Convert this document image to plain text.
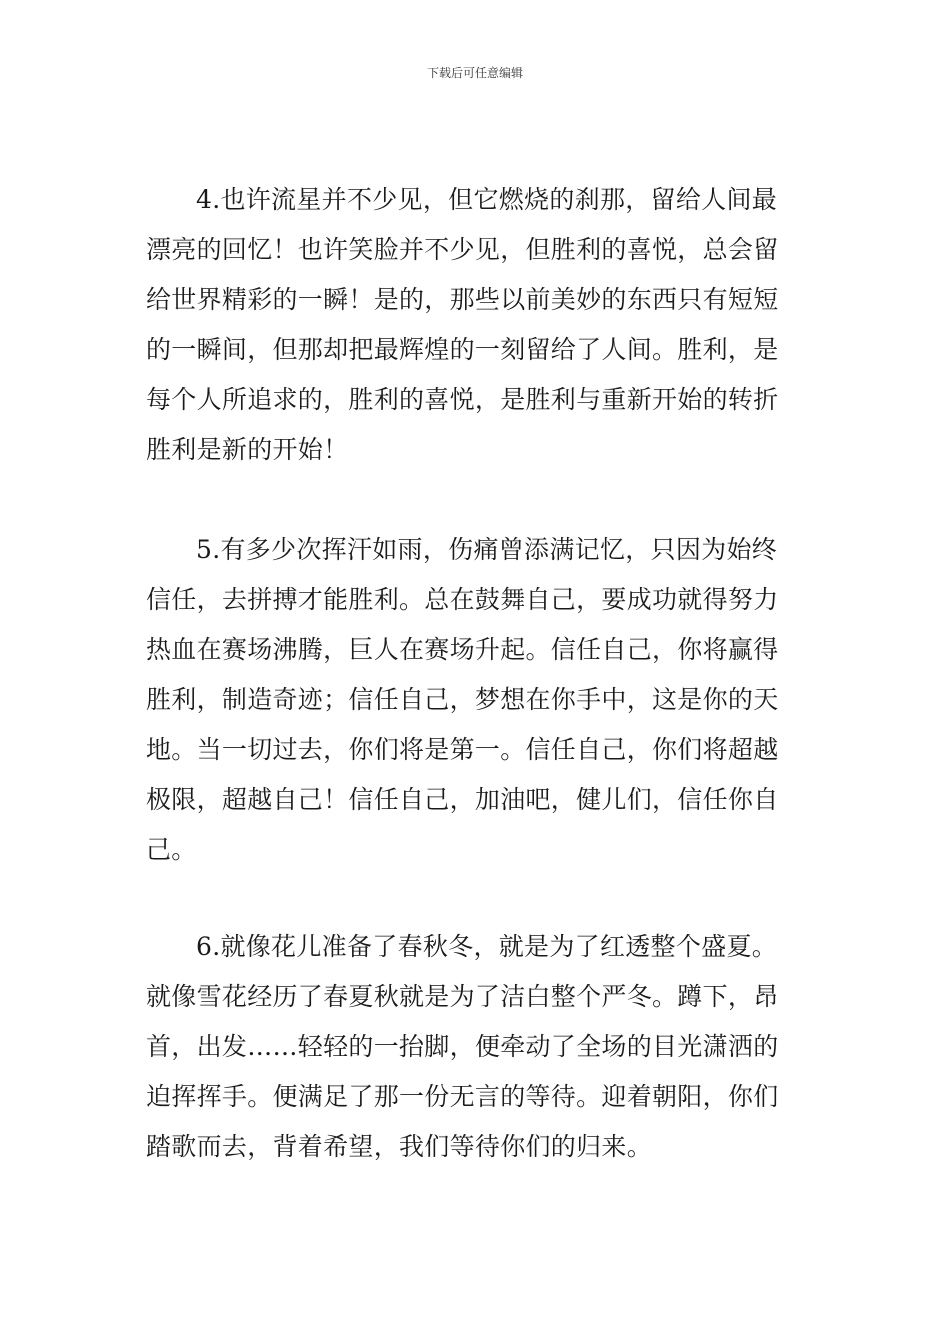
下载后可任意编辑
4.也许流星并不少见，但它燃烧的刹那，留给人间最
漂亮的回忆！也许笑脸并不少见，但胜利的喜悦，总会留
给世界精彩的一瞬！是的，那些以前美妙的东西只有短短
的一瞬间，但那却把最辉煌的一刻留给了人间。胜利，是
每个人所追求的，胜利的喜悦，是胜利与重新开始的转折
胜利是新的开始！
5.有多少次挥汗如雨，伤痛曾添满记忆，只因为始终
信任，去拼搏才能胜利。总在鼓舞自己，要成功就得努力
热血在赛场沸腾，巨人在赛场升起。信任自己，你将赢得
胜利，制造奇迹；信任自己，梦想在你手中，这是你的天
地。当一切过去，你们将是第一。信任自己，你们将超越
极限，超越自己！信任自己，加油吧，健儿们，信任你自
己。
6.就像花儿准备了春秋冬，就是为了红透整个盛夏。
就像雪花经历了春夏秋就是为了洁白整个严冬。蹲下，昂
首，出发……轻轻的一抬脚，便牵动了全场的目光潇洒的
迫挥挥手。便满足了那一份无言的等待。迎着朝阳，你们
踏歌而去，背着希望，我们等待你们的归来。
